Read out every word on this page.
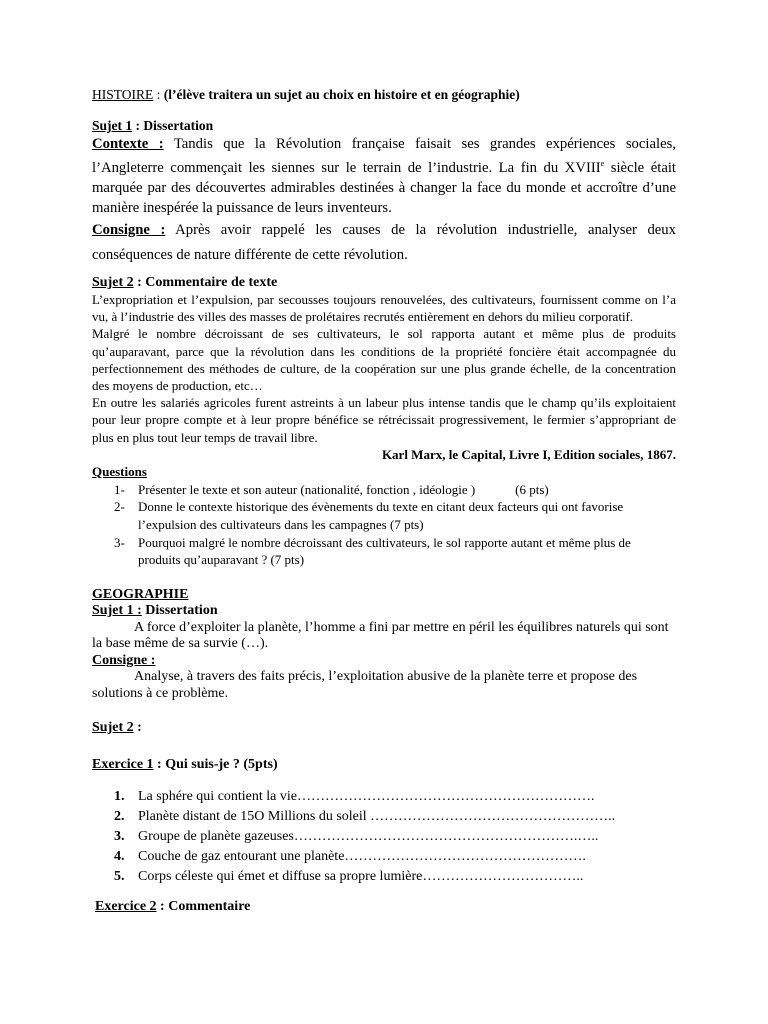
HISTOIRE : (l’élève traitera un sujet au choix en histoire et en géographie)

Sujet 1 : Dissertation

Contexte : Tandis que la Révolution française faisait ses grandes expériences sociales, l’Angleterre commençait les siennes sur le terrain de l’industrie. La fin du XVIIIe siècle était marquée par des découvertes admirables destinées à changer la face du monde et accroître d’une manière inespérée la puissance de leurs inventeurs.

Consigne : Après avoir rappelé les causes de la révolution industrielle, analyser deux conséquences de nature différente de cette révolution.

Sujet 2 : Commentaire de texte

L’expropriation et l’expulsion, par secousses toujours renouvelées, des cultivateurs, fournissent comme on l’a vu, à l’industrie des villes des masses de prolétaires recrutés entièrement en dehors du milieu corporatif.

Malgré le nombre décroissant de ses cultivateurs, le sol rapporta autant et même plus de produits qu’auparavant, parce que la révolution dans les conditions de la propriété foncière était accompagnée du perfectionnement des méthodes de culture, de la coopération sur une plus grande échelle, de la concentration des moyens de production, etc…

En outre les salariés agricoles furent astreints à un labeur plus intense tandis que le champ qu’ils exploitaient pour leur propre compte et à leur propre bénéfice se rétrécissait progressivement, le fermier s’appropriant de plus en plus tout leur temps de travail libre.

Karl Marx, le Capital, Livre I, Edition sociales, 1867.

Questions

1- Présenter le texte et son auteur (nationalité, fonction , idéologie )	(6 pts)
2- Donne le contexte historique des évènements du texte en citant deux facteurs qui ont favorise l’expulsion des cultivateurs dans les campagnes (7 pts)
3- Pourquoi malgré le nombre décroissant des cultivateurs, le sol rapporte autant et même plus de produits qu’auparavant ? (7 pts)

GEOGRAPHIE

Sujet 1 : Dissertation

A force d’exploiter la planète, l’homme a fini par mettre en péril les équilibres naturels qui sont la base même de sa survie (…).

Consigne :

Analyse, à travers des faits précis, l’exploitation abusive de la planète terre et propose des solutions à ce problème.

Sujet 2 :

Exercice 1 : Qui suis-je ? (5pts)

1. La sphére qui contient la vie……………………………………………………….
2. Planète distant de 15O Millions du soleil ……………………………………………..
3. Groupe de planète gazeuses…………………………………………………….…..
4. Couche de gaz entourant une planète…………………………………………….
5. Corps céleste qui émet et diffuse sa propre lumière……………………………..

Exercice 2 : Commentaire
